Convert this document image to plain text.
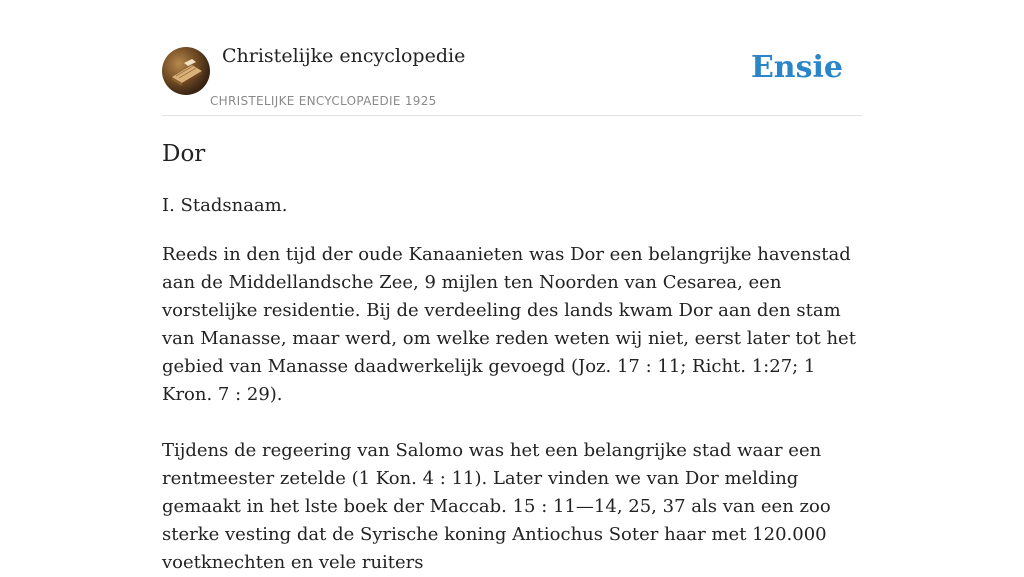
Christelijke encyclopedie
CHRISTELIJKE ENCYCLOPAEDIE 1925
Ensie
Dor

I. Stadsnaam.

Reeds in den tijd der oude Kanaanieten was Dor een belangrijke havenstad aan de Middellandsche Zee, 9 mijlen ten Noorden van Cesarea, een vorstelijke residentie. Bij de verdeeling des lands kwam Dor aan den stam van Manasse, maar werd, om welke reden weten wij niet, eerst later tot het gebied van Manasse daadwerkelijk gevoegd (Joz. 17 : 11; Richt. 1:27; 1 Kron. 7 : 29).

Tijdens de regeering van Salomo was het een belangrijke stad waar een rentmeester zetelde (1 Kon. 4 : 11). Later vinden we van Dor melding gemaakt in het lste boek der Maccab. 15 : 11—14, 25, 37 als van een zoo sterke vesting dat de Syrische koning Antiochus Soter haar met 120.000 voetknechten en vele ruiters
